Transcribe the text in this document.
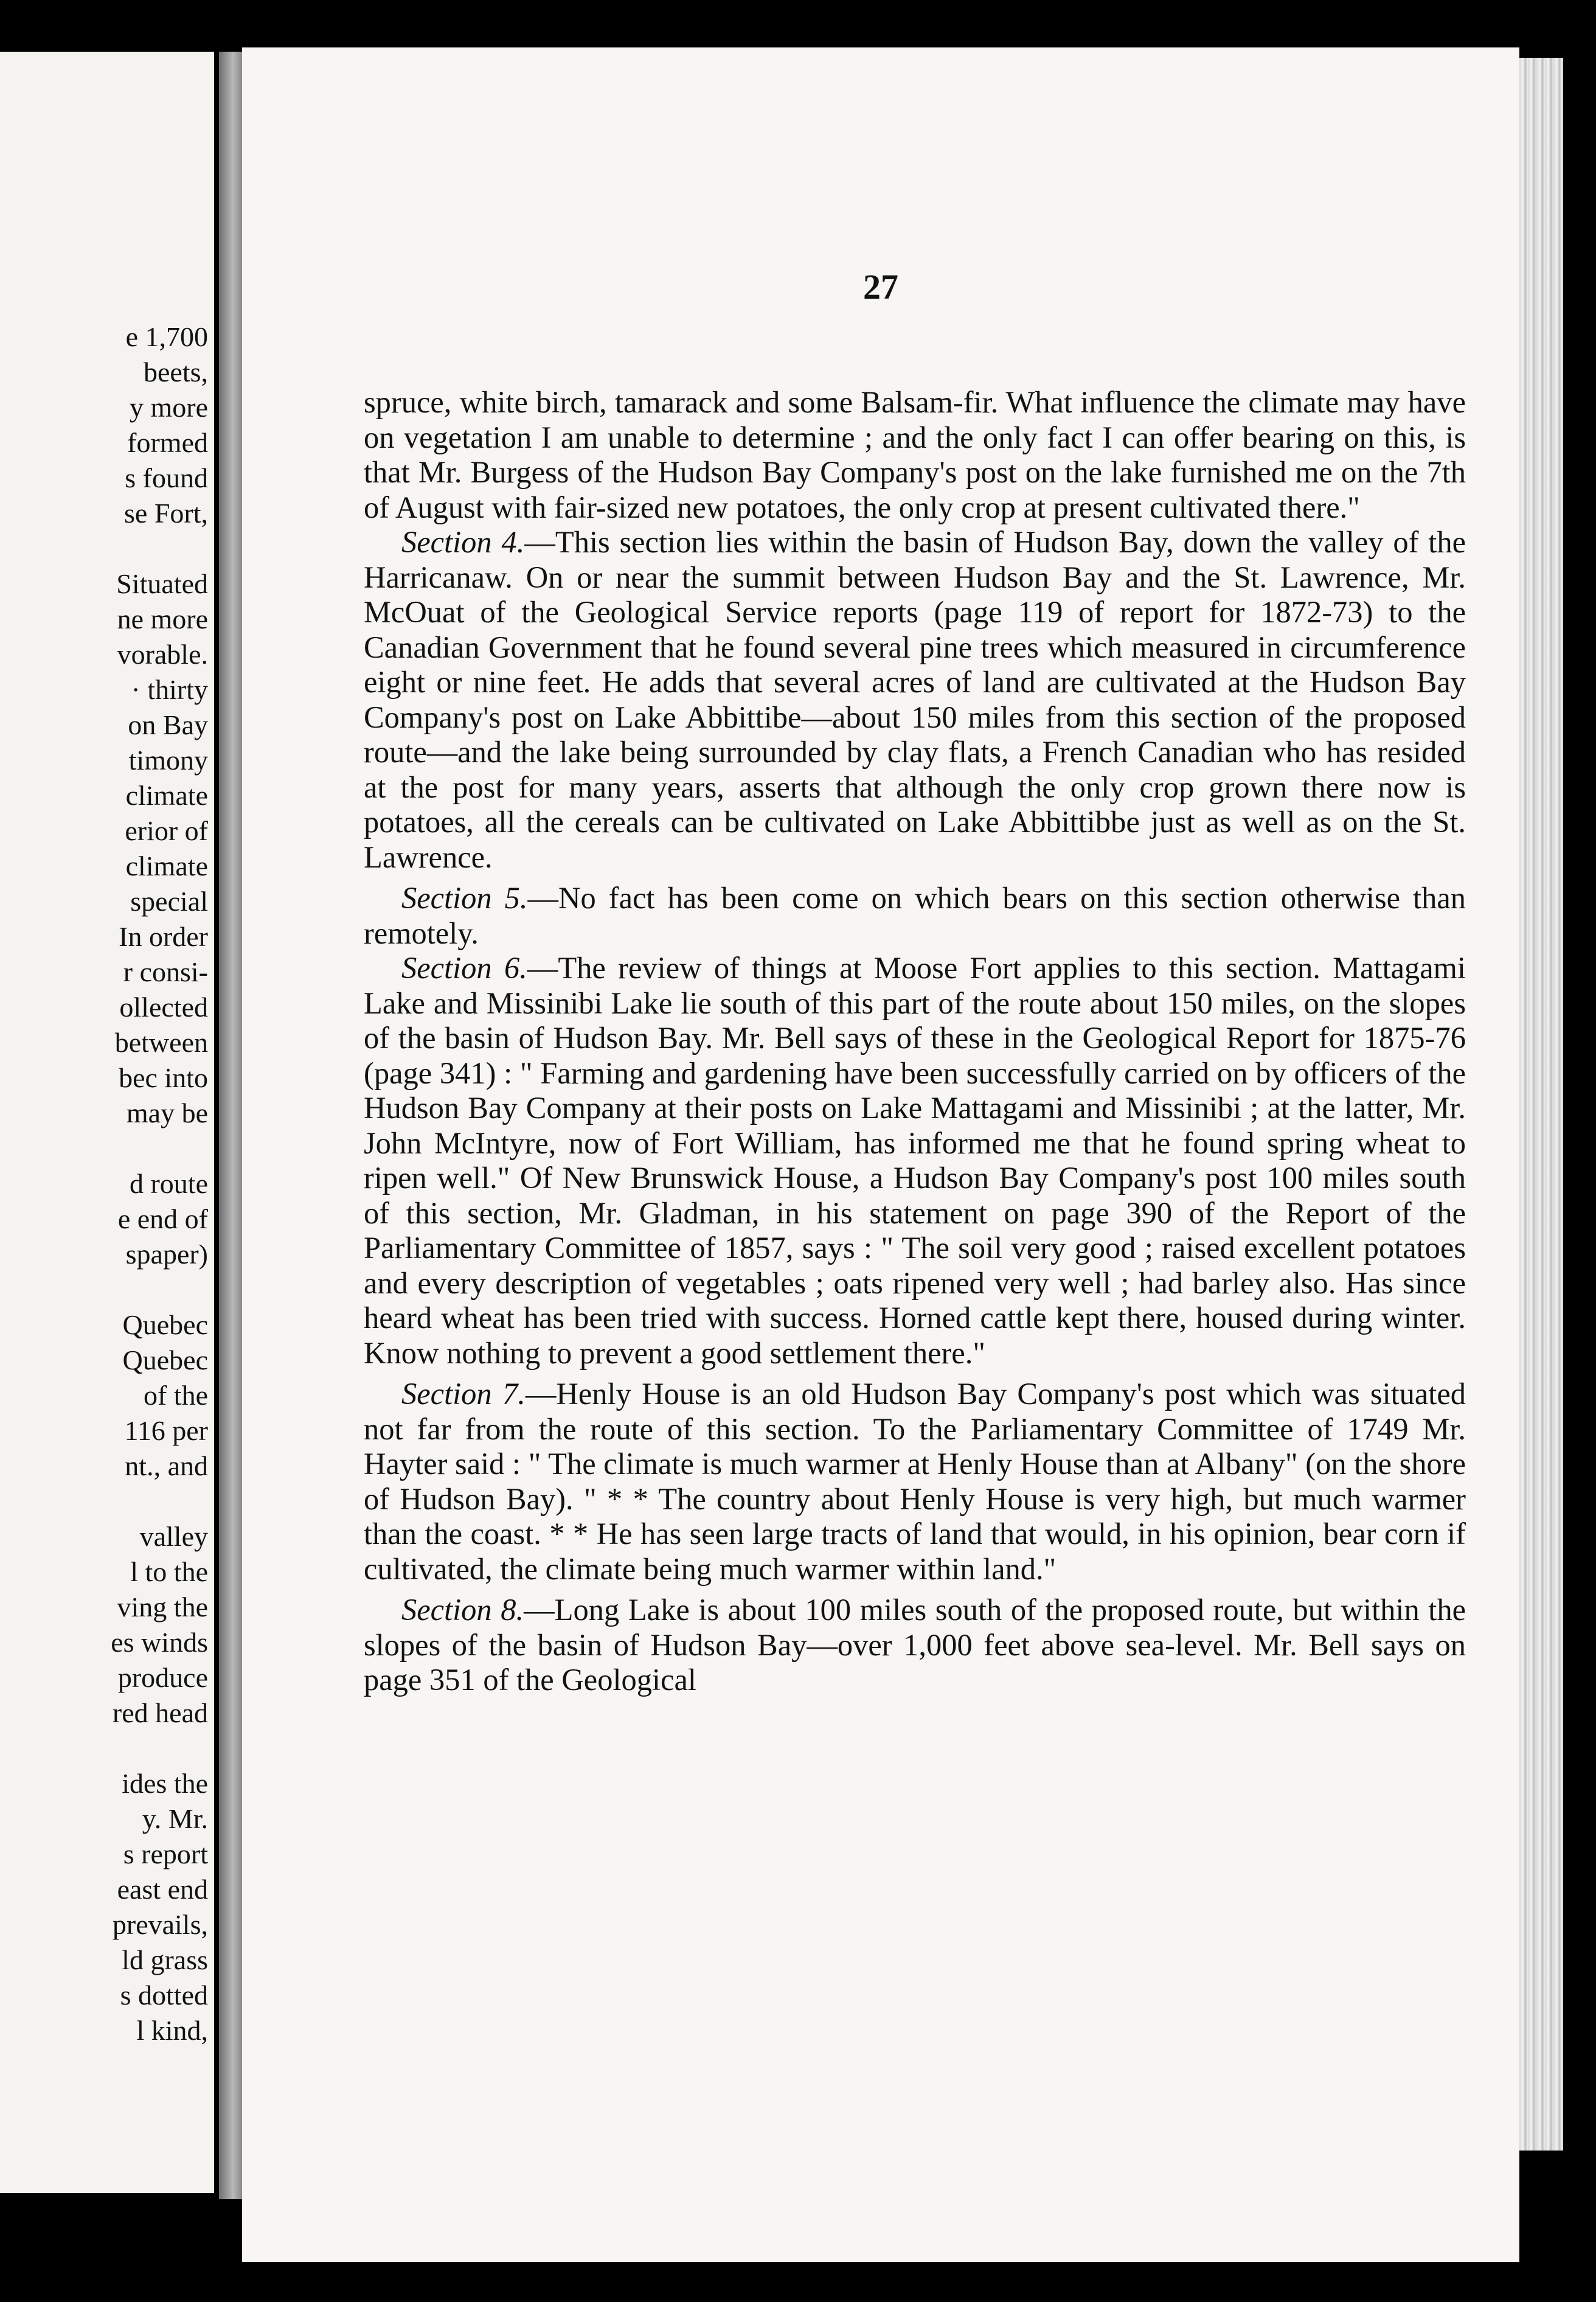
e 1,700
beets,
y more
formed
s found
se Fort,
Situated
ne more
vorable.
· thirty
on Bay
timony
climate
erior of
climate
special
In order
r consi-
ollected
between
bec into
may be
d route
e end of
spaper)
Quebec
Quebec
of the
116 per
nt., and
valley
l to the
ving the
es winds
produce
red head
ides the
y. Mr.
s report
east end
prevails,
ld grass
s dotted
l kind,
27

spruce, white birch, tamarack and some Balsam-fir. What influence the climate may have on vegetation I am unable to determine ; and the only fact I can offer bearing on this, is that Mr. Burgess of the Hudson Bay Company's post on the lake furnished me on the 7th of August with fair-sized new potatoes, the only crop at present cultivated there."

Section 4.—This section lies within the basin of Hudson Bay, down the valley of the Harricanaw. On or near the summit between Hudson Bay and the St. Lawrence, Mr. McOuat of the Geological Service reports (page 119 of report for 1872-73) to the Canadian Government that he found several pine trees which measured in circumference eight or nine feet. He adds that several acres of land are cultivated at the Hudson Bay Company's post on Lake Abbittibe—about 150 miles from this section of the proposed route—and the lake being surrounded by clay flats, a French Canadian who has resided at the post for many years, asserts that although the only crop grown there now is potatoes, all the cereals can be cultivated on Lake Abbittibbe just as well as on the St. Lawrence.

Section 5.—No fact has been come on which bears on this section otherwise than remotely.

Section 6.—The review of things at Moose Fort applies to this section. Mattagami Lake and Missinibi Lake lie south of this part of the route about 150 miles, on the slopes of the basin of Hudson Bay. Mr. Bell says of these in the Geological Report for 1875-76 (page 341) : " Farming and gardening have been successfully carried on by officers of the Hudson Bay Company at their posts on Lake Mattagami and Missinibi ; at the latter, Mr. John McIntyre, now of Fort William, has informed me that he found spring wheat to ripen well." Of New Brunswick House, a Hudson Bay Company's post 100 miles south of this section, Mr. Gladman, in his statement on page 390 of the Report of the Parliamentary Committee of 1857, says : " The soil very good ; raised excellent potatoes and every description of vegetables ; oats ripened very well ; had barley also. Has since heard wheat has been tried with success. Horned cattle kept there, housed during winter. Know nothing to prevent a good settlement there."

Section 7.—Henly House is an old Hudson Bay Company's post which was situated not far from the route of this section. To the Parliamentary Committee of 1749 Mr. Hayter said : " The climate is much warmer at Henly House than at Albany" (on the shore of Hudson Bay). " * * The country about Henly House is very high, but much warmer than the coast. * * He has seen large tracts of land that would, in his opinion, bear corn if cultivated, the climate being much warmer within land."

Section 8.—Long Lake is about 100 miles south of the proposed route, but within the slopes of the basin of Hudson Bay—over 1,000 feet above sea-level. Mr. Bell says on page 351 of the Geological
